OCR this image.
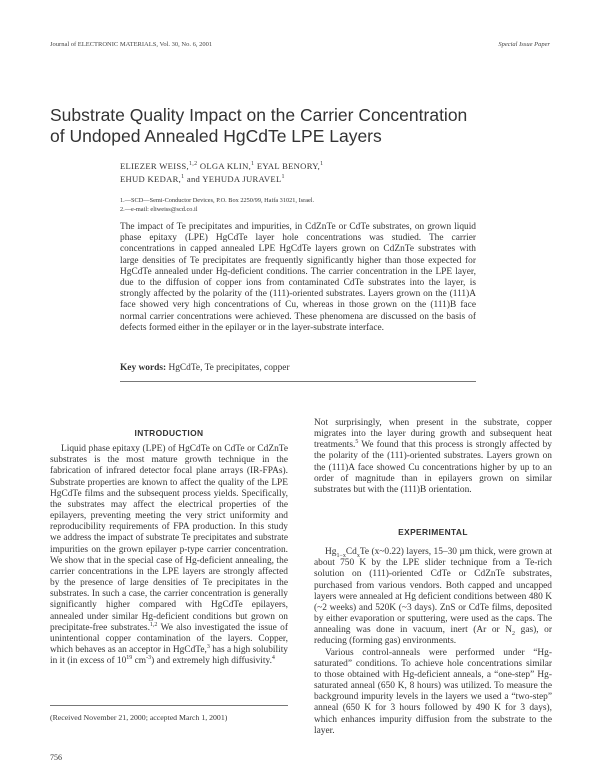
Journal of ELECTRONIC MATERIALS, Vol. 30, No. 6, 2001	Special Issue Paper
Substrate Quality Impact on the Carrier Concentration
of Undoped Annealed HgCdTe LPE Layers
ELIEZER WEISS,$^{1,2}$ OLGA KLIN,$^1$ EYAL BENORY,$^1$
EHUD KEDAR,$^1$ and YEHUDA JURAVEL$^1$
1.—SCD—Semi-Conductor Devices, P.O. Box 2250/99, Haifa 31021, Israel.
2.—e-mail: eliweiss@scd.co.il
The impact of Te precipitates and impurities, in CdZnTe or CdTe substrates, on grown liquid phase epitaxy (LPE) HgCdTe layer hole concentrations was studied. The carrier concentrations in capped annealed LPE HgCdTe layers grown on CdZnTe substrates with large densities of Te precipitates are frequently significantly higher than those expected for HgCdTe annealed under Hg-deficient conditions. The carrier concentration in the LPE layer, due to the diffusion of copper ions from contaminated CdTe substrates into the layer, is strongly affected by the polarity of the (111)-oriented substrates. Layers grown on the (111)A face showed very high concentrations of Cu, whereas in those grown on the (111)B face normal carrier concentrations were achieved. These phenomena are discussed on the basis of defects formed either in the epilayer or in the layer-substrate interface.
Key words: HgCdTe, Te precipitates, copper
INTRODUCTION

Liquid phase epitaxy (LPE) of HgCdTe on CdTe or CdZnTe substrates is the most mature growth technique in the fabrication of infrared detector focal plane arrays (IR-FPAs). Substrate properties are known to affect the quality of the LPE HgCdTe films and the subsequent process yields. Specifically, the substrates may affect the electrical properties of the epilayers, preventing meeting the very strict uniformity and reproducibility requirements of FPA production. In this study we address the impact of substrate Te precipitates and substrate impurities on the grown epilayer p-type carrier concentration. We show that in the special case of Hg-deficient annealing, the carrier concentrations in the LPE layers are strongly affected by the presence of large densities of Te precipitates in the substrates. In such a case, the carrier concentration is generally significantly higher compared with HgCdTe epilayers, annealed under similar Hg-deficient conditions but grown on precipitate-free substrates.$^{1,2}$ We also investigated the issue of unintentional copper contamination of the layers. Copper, which behaves as an acceptor in HgCdTe,$^3$ has a high solubility in it (in excess of $10^{19}$ $cm^{-3}$) and extremely high diffusivity.$^4$

Not surprisingly, when present in the substrate, copper migrates into the layer during growth and subsequent heat treatments.$^5$ We found that this process is strongly affected by the polarity of the (111)-oriented substrates. Layers grown on the (111)A face showed Cu concentrations higher by up to an order of magnitude than in epilayers grown on similar substrates but with the (111)B orientation.

EXPERIMENTAL

$Hg_{1-x}Cd_xTe$ (x~0.22) layers, 15–30 µm thick, were grown at about 750 K by the LPE slider technique from a Te-rich solution on (111)-oriented CdTe or CdZnTe substrates, purchased from various vendors. Both capped and uncapped layers were annealed at Hg deficient conditions between 480 K (~2 weeks) and 520K (~3 days). ZnS or CdTe films, deposited by either evaporation or sputtering, were used as the caps. The annealing was done in vacuum, inert (Ar or $N_2$ gas), or reducing (forming gas) environments.

Various control-anneals were performed under “Hg-saturated” conditions. To achieve hole concentrations similar to those obtained with Hg-deficient anneals, a “one-step” Hg-saturated anneal (650 K, 8 hours) was utilized. To measure the background impurity levels in the layers we used a “two-step” anneal (650 K for 3 hours followed by 490 K for 3 days), which enhances impurity diffusion from the substrate to the layer.

(Received November 21, 2000; accepted March 1, 2001)
756
